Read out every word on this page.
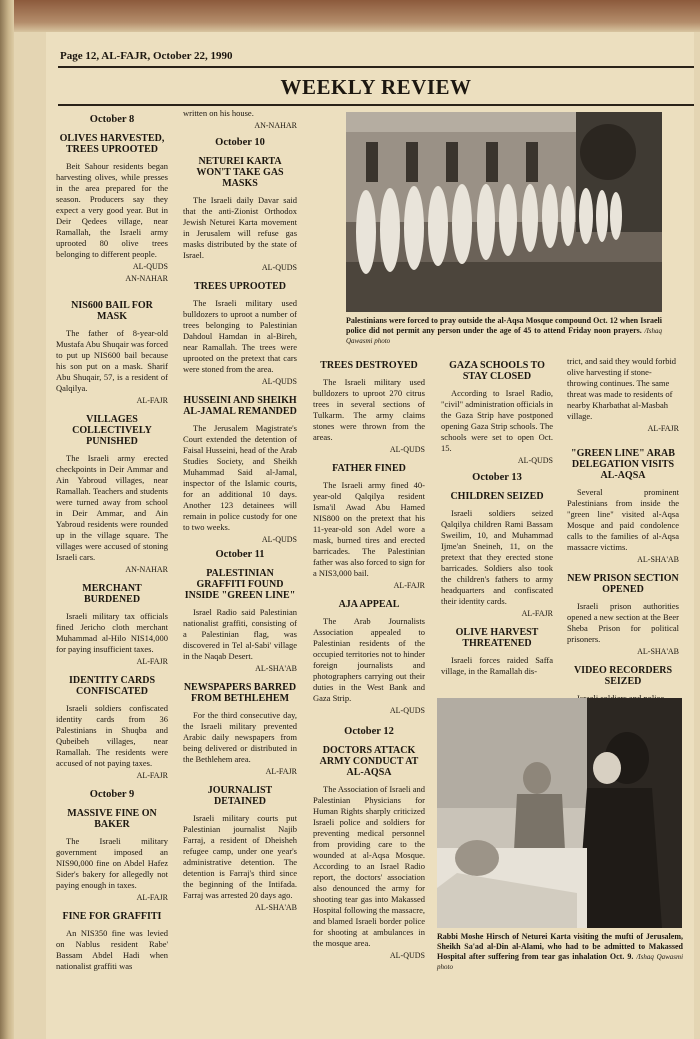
Page 12, AL-FAJR, October 22, 1990
WEEKLY REVIEW
October 8
OLIVES HARVESTED, TREES UPROOTED

Beit Sahour residents began harvesting olives, while presses in the area prepared for the season. Producers say they expect a very good year. But in Deir Qedees village, near Ramallah, the Israeli army uprooted 80 olive trees belonging to different people.

AL-QUDS
AN-NAHAR
NIS600 BAIL FOR MASK

The father of 8-year-old Mustafa Abu Shuqair was forced to put up NIS600 bail because his son put on a mask. Sharif Abu Shuqair, 57, is a resident of Qalqilya.

AL-FAJR
VILLAGES COLLECTIVELY PUNISHED

The Israeli army erected checkpoints in Deir Ammar and Ain Yabroud villages, near Ramallah. Teachers and students were turned away from school in Deir Ammar, and Ain Yabroud residents were rounded up in the village square. The villages were accused of stoning Israeli cars.

AN-NAHAR
MERCHANT BURDENED

Israeli military tax officials fined Jericho cloth merchant Muhammad al-Hilo NIS14,000 for paying insufficient taxes.

AL-FAJR
IDENTITY CARDS CONFISCATED

Israeli soldiers confiscated identity cards from 36 Palestinians in Shuqba and Qubeibeh villages, near Ramallah. The residents were accused of not paying taxes.

AL-FAJR
October 9
MASSIVE FINE ON BAKER

The Israeli military government imposed an NIS90,000 fine on Abdel Hafez Sider's bakery for allegedly not paying enough in taxes.

AL-FAJR
FINE FOR GRAFFITI

An NIS350 fine was levied on Nablus resident Rabe' Bassam Abdel Hadi when nationalist graffiti was

written on his house.

AN-NAHAR
October 10
NETUREI KARTA WON'T TAKE GAS MASKS

The Israeli daily Davar said that the anti-Zionist Orthodox Jewish Neturei Karta movement in Jerusalem will refuse gas masks distributed by the state of Israel.

AL-QUDS
TREES UPROOTED

The Israeli military used bulldozers to uproot a number of trees belonging to Palestinian Dahdoul Hamdan in al-Bireh, near Ramallah. The trees were uprooted on the pretext that cars were stoned from the area.

AL-QUDS
HUSSEINI AND SHEIKH AL-JAMAL REMANDED

The Jerusalem Magistrate's Court extended the detention of Faisal Husseini, head of the Arab Studies Society, and Sheikh Muhammad Said al-Jamal, inspector of the Islamic courts, for an additional 10 days. Another 123 detainees will remain in police custody for one to two weeks.

AL-QUDS
October 11
PALESTINIAN GRAFFITI FOUND INSIDE "GREEN LINE"

Israel Radio said Palestinian nationalist graffiti, consisting of a Palestinian flag, was discovered in Tel al-Sabi' village in the Naqab Desert.

AL-SHA'AB
NEWSPAPERS BARRED FROM BETHLEHEM

For the third consecutive day, the Israeli military prevented Arabic daily newspapers from being delivered or distributed in the Bethlehem area.

AL-FAJR
JOURNALIST DETAINED

Israeli military courts put Palestinian journalist Najib Farraj, a resident of Dheisheh refugee camp, under one year's administrative detention. The detention is Farraj's third since the beginning of the Intifada. Farraj was arrested 20 days ago.

AL-SHA'AB
Palestinians were forced to pray outside the al-Aqsa Mosque compound Oct. 12 when Israeli police did not permit any person under the age of 45 to attend Friday noon prayers. /Ishaq Qawasmi photo
TREES DESTROYED

The Israeli military used bulldozers to uproot 270 citrus trees in several sections of Tulkarm. The army claims stones were thrown from the areas.

AL-QUDS
FATHER FINED

The Israeli army fined 40-year-old Qalqilya resident Isma'il Awad Abu Hamed NIS800 on the pretext that his 11-year-old son Adel wore a mask, burned tires and erected barricades. The Palestinian father was also forced to sign for a NIS3,000 bail.

AL-FAJR
AJA APPEAL

The Arab Journalists Association appealed to Palestinian residents of the occupied territories not to hinder foreign journalists and photographers carrying out their duties in the West Bank and Gaza Strip.

AL-QUDS
October 12
DOCTORS ATTACK ARMY CONDUCT AT AL-AQSA

The Association of Israeli and Palestinian Physicians for Human Rights sharply criticized Israeli police and soldiers for preventing medical personnel from providing care to the wounded at al-Aqsa Mosque. According to an Israel Radio report, the doctors' association also denounced the army for shooting tear gas into Makassed Hospital following the massacre, and blamed Israeli border police for shooting at ambulances in the mosque area.

AL-QUDS
GAZA SCHOOLS TO STAY CLOSED

According to Israel Radio, "civil" administration officials in the Gaza Strip have postponed opening Gaza Strip schools. The schools were set to open Oct. 15.

AL-QUDS
October 13
CHILDREN SEIZED

Israeli soldiers seized Qalqilya children Rami Bassam Sweilim, 10, and Muhammad Ijme'an Sneineh, 11, on the pretext that they erected stone barricades. Soldiers also took the children's fathers to army headquarters and confiscated their identity cards.

AL-FAJR
OLIVE HARVEST THREATENED

Israeli forces raided Saffa village, in the Ramallah dis-

trict, and said they would forbid olive harvesting if stone-throwing continues. The same threat was made to residents of nearby Kharbathat al-Masbah village.

AL-FAJR
"GREEN LINE" ARAB DELEGATION VISITS AL-AQSA

Several prominent Palestinians from inside the "green line" visited al-Aqsa Mosque and paid condolence calls to the families of al-Aqsa massacre victims.

AL-SHA'AB
NEW PRISON SECTION OPENED

Israeli prison authorities opened a new section at the Beer Sheba Prison for political prisoners.

AL-SHA'AB
VIDEO RECORDERS SEIZED

Rabbi Moshe Hirsch of Neturei Karta visiting the mufti of Jerusalem, Sheikh Sa'ad al-Din al-Alami, who had to be admitted to Makassed Hospital after suffering from tear gas inhalation Oct. 9. /Ishaq Qawasmi photo
